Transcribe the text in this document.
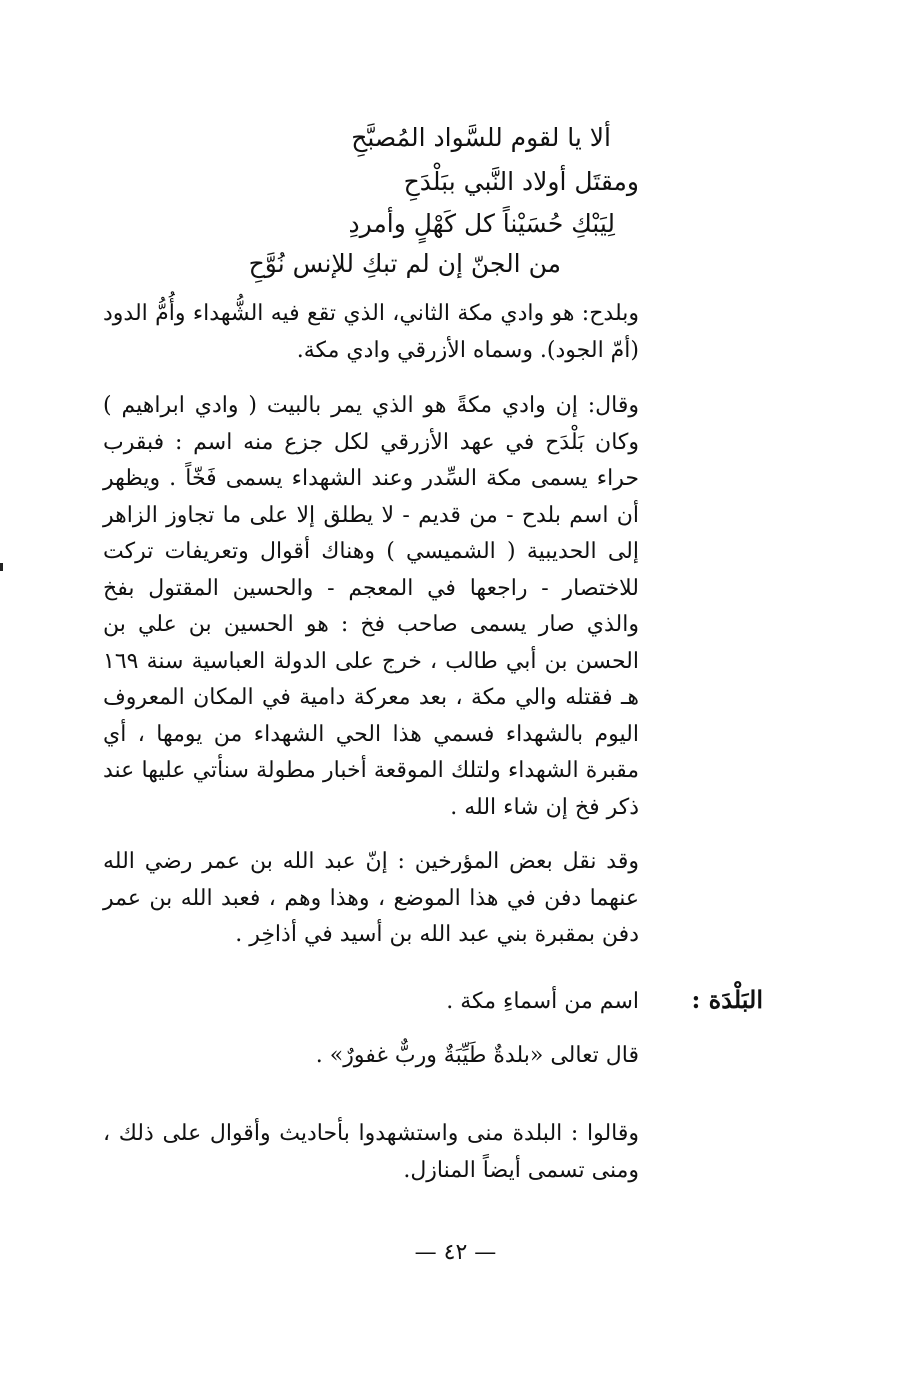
ألا يا لقوم للسَّواد المُصبَّحِ

ومقتَل أولاد النَّبي ببَلْدَحِ

لِيَبْكِ حُسَيْناً كل كَهْلٍ وأمردِ

من الجنّ إن لم تبكِ للإنس نُوَّحِ

وبلدح: هو وادي مكة الثاني، الذي تقع فيه الشُّهداء وأُمُّ الدود (أمّ الجود). وسماه الأزرقي وادي مكة.

وقال: إن وادي مكةً هو الذي يمر بالبيت ( وادي ابراهيم ) وكان بَلْدَح في عهد الأزرقي لكل جزع منه اسم : فبقرب حراء يسمى مكة السِّدر وعند الشهداء يسمى فَخّاً . ويظهر أن اسم بلدح - من قديم - لا يطلق إلا على ما تجاوز الزاهر إلى الحديبية ( الشميسي ) وهناك أقوال وتعريفات تركت للاختصار - راجعها في المعجم - والحسين المقتول بفخ والذي صار يسمى صاحب فخ : هو الحسين بن علي بن الحسن بن أبي طالب ، خرج على الدولة العباسية سنة ١٦٩ هـ فقتله والي مكة ، بعد معركة دامية في المكان المعروف اليوم بالشهداء فسمي هذا الحي الشهداء من يومها ، أي مقبرة الشهداء ولتلك الموقعة أخبار مطولة سنأتي عليها عند ذكر فخ إن شاء الله .

وقد نقل بعض المؤرخين : إنّ عبد الله بن عمر رضي الله عنهما دفن في هذا الموضع ، وهذا وهم ، فعبد الله بن عمر دفن بمقبرة بني عبد الله بن أسيد في أذاخِر .

البَلْدَة :

اسم من أسماءِ مكة .

قال تعالى «بلدةٌ طَيِّبَةٌ وربٌّ غفورٌ» .

وقالوا : البلدة منى واستشهدوا بأحاديث وأقوال على ذلك ، ومنى تسمى أيضاً المنازل.

— ٤٢ —
